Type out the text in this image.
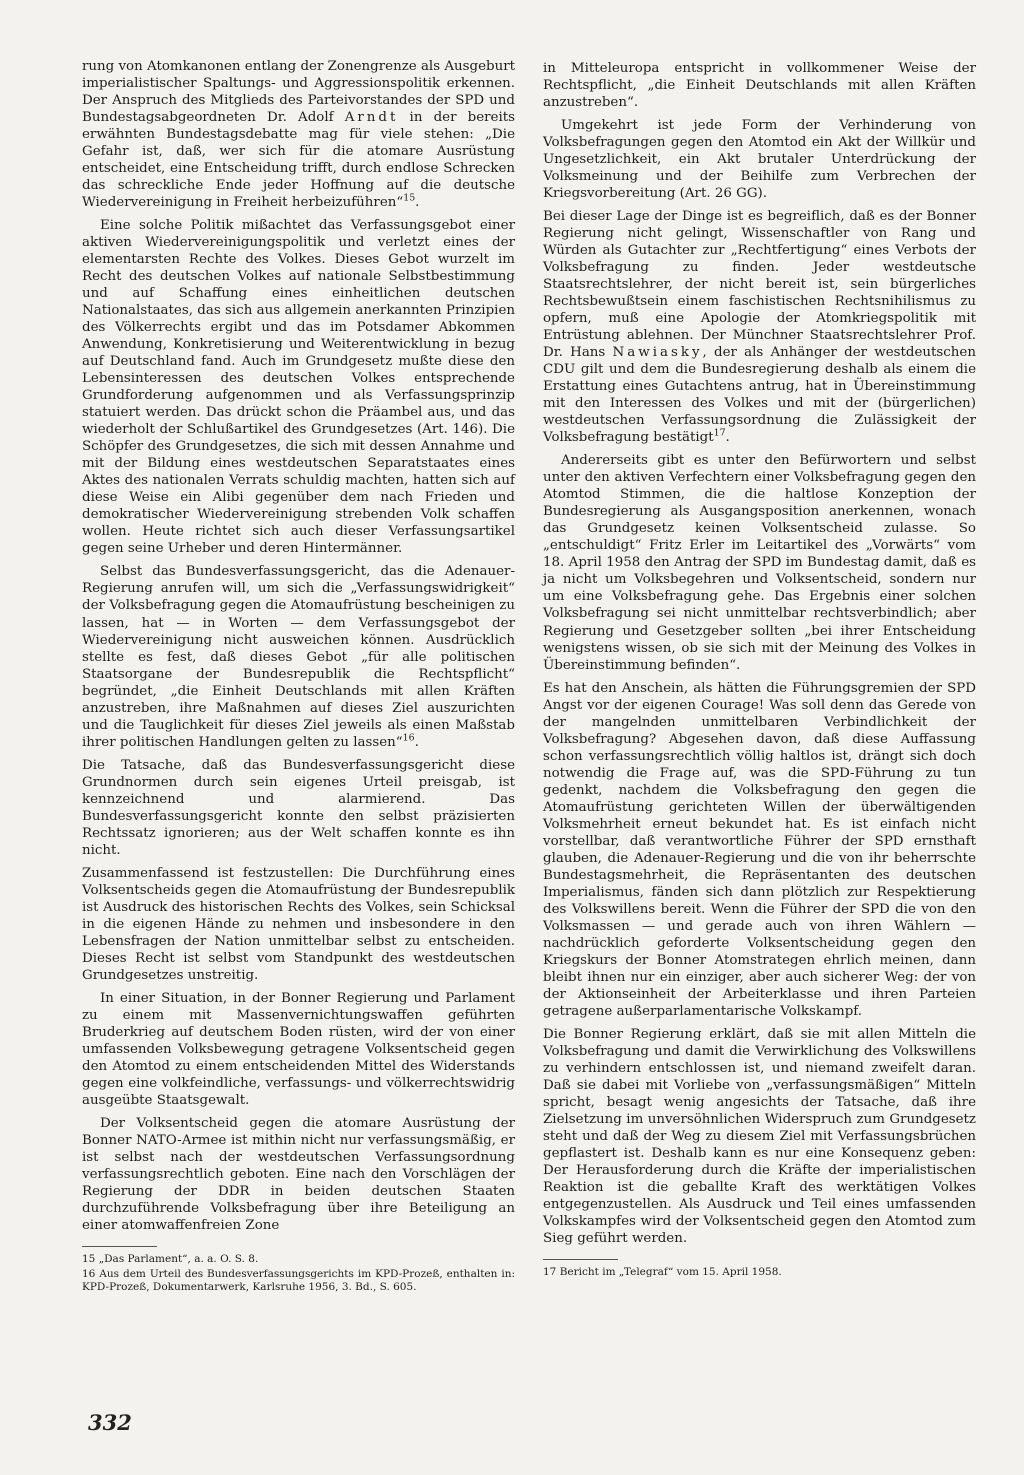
rung von Atomkanonen entlang der Zonengrenze als Ausgeburt imperialistischer Spaltungs- und Aggressionspolitik erkennen. Der Anspruch des Mitglieds des Parteivorstandes der SPD und Bundestagsabgeordneten Dr. Adolf Arndt in der bereits erwähnten Bundestagsdebatte mag für viele stehen: „Die Gefahr ist, daß, wer sich für die atomare Ausrüstung entscheidet, eine Entscheidung trifft, durch endlose Schrecken das schreckliche Ende jeder Hoffnung auf die deutsche Wiedervereinigung in Freiheit herbeizuführen“$^{15}$.

Eine solche Politik mißachtet das Verfassungsgebot einer aktiven Wiedervereinigungspolitik und verletzt eines der elementarsten Rechte des Volkes. Dieses Gebot wurzelt im Recht des deutschen Volkes auf nationale Selbstbestimmung und auf Schaffung eines einheitlichen deutschen Nationalstaates, das sich aus allgemein anerkannten Prinzipien des Völkerrechts ergibt und das im Potsdamer Abkommen Anwendung, Konkretisierung und Weiterentwicklung in bezug auf Deutschland fand. Auch im Grundgesetz mußte diese den Lebensinteressen des deutschen Volkes entsprechende Grundforderung aufgenommen und als Verfassungsprinzip statuiert werden. Das drückt schon die Präambel aus, und das wiederholt der Schlußartikel des Grundgesetzes (Art. 146). Die Schöpfer des Grundgesetzes, die sich mit dessen Annahme und mit der Bildung eines westdeutschen Separatstaates eines Aktes des nationalen Verrats schuldig machten, hatten sich auf diese Weise ein Alibi gegenüber dem nach Frieden und demokratischer Wiedervereinigung strebenden Volk schaffen wollen. Heute richtet sich auch dieser Verfassungsartikel gegen seine Urheber und deren Hintermänner.

Selbst das Bundesverfassungsgericht, das die Adenauer-Regierung anrufen will, um sich die „Verfassungswidrigkeit“ der Volksbefragung gegen die Atomaufrüstung bescheinigen zu lassen, hat — in Worten — dem Verfassungsgebot der Wiedervereinigung nicht ausweichen können. Ausdrücklich stellte es fest, daß dieses Gebot „für alle politischen Staatsorgane der Bundesrepublik die Rechtspflicht“ begründet, „die Einheit Deutschlands mit allen Kräften anzustreben, ihre Maßnahmen auf dieses Ziel auszurichten und die Tauglichkeit für dieses Ziel jeweils als einen Maßstab ihrer politischen Handlungen gelten zu lassen“$^{16}$.

Die Tatsache, daß das Bundesverfassungsgericht diese Grundnormen durch sein eigenes Urteil preisgab, ist kennzeichnend und alarmierend. Das Bundesverfassungsgericht konnte den selbst präzisierten Rechtssatz ignorieren; aus der Welt schaffen konnte es ihn nicht.

Zusammenfassend ist festzustellen: Die Durchführung eines Volksentscheids gegen die Atomaufrüstung der Bundesrepublik ist Ausdruck des historischen Rechts des Volkes, sein Schicksal in die eigenen Hände zu nehmen und insbesondere in den Lebensfragen der Nation unmittelbar selbst zu entscheiden. Dieses Recht ist selbst vom Standpunkt des westdeutschen Grundgesetzes unstreitig.

In einer Situation, in der Bonner Regierung und Parlament zu einem mit Massenvernichtungswaffen geführten Bruderkrieg auf deutschem Boden rüsten, wird der von einer umfassenden Volksbewegung getragene Volksentscheid gegen den Atomtod zu einem entscheidenden Mittel des Widerstands gegen eine volkfeindliche, verfassungs- und völkerrechtswidrig ausgeübte Staatsgewalt.

Der Volksentscheid gegen die atomare Ausrüstung der Bonner NATO-Armee ist mithin nicht nur verfassungsmäßig, er ist selbst nach der westdeutschen Verfassungsordnung verfassungsrechtlich geboten. Eine nach den Vorschlägen der Regierung der DDR in beiden deutschen Staaten durchzuführende Volksbefragung über ihre Beteiligung an einer atomwaffenfreien Zone

15 „Das Parlament“, a. a. O. S. 8.

16 Aus dem Urteil des Bundesverfassungsgerichts im KPD-Prozeß, enthalten in: KPD-Prozeß, Dokumentarwerk, Karlsruhe 1956, 3. Bd., S. 605.

in Mitteleuropa entspricht in vollkommener Weise der Rechtspflicht, „die Einheit Deutschlands mit allen Kräften anzustreben“.

Umgekehrt ist jede Form der Verhinderung von Volksbefragungen gegen den Atomtod ein Akt der Willkür und Ungesetzlichkeit, ein Akt brutaler Unterdrückung der Volksmeinung und der Beihilfe zum Verbrechen der Kriegsvorbereitung (Art. 26 GG).

Bei dieser Lage der Dinge ist es begreiflich, daß es der Bonner Regierung nicht gelingt, Wissenschaftler von Rang und Würden als Gutachter zur „Rechtfertigung“ eines Verbots der Volksbefragung zu finden. Jeder westdeutsche Staatsrechtslehrer, der nicht bereit ist, sein bürgerliches Rechtsbewußtsein einem faschistischen Rechtsnihilismus zu opfern, muß eine Apologie der Atomkriegspolitik mit Entrüstung ablehnen. Der Münchner Staatsrechtslehrer Prof. Dr. Hans Nawiasky, der als Anhänger der westdeutschen CDU gilt und dem die Bundesregierung deshalb als einem die Erstattung eines Gutachtens antrug, hat in Übereinstimmung mit den Interessen des Volkes und mit der (bürgerlichen) westdeutschen Verfassungsordnung die Zulässigkeit der Volksbefragung bestätigt$^{17}$.

Andererseits gibt es unter den Befürwortern und selbst unter den aktiven Verfechtern einer Volksbefragung gegen den Atomtod Stimmen, die die haltlose Konzeption der Bundesregierung als Ausgangsposition anerkennen, wonach das Grundgesetz keinen Volksentscheid zulasse. So „entschuldigt“ Fritz Erler im Leitartikel des „Vorwärts“ vom 18. April 1958 den Antrag der SPD im Bundestag damit, daß es ja nicht um Volksbegehren und Volksentscheid, sondern nur um eine Volksbefragung gehe. Das Ergebnis einer solchen Volksbefragung sei nicht unmittelbar rechtsverbindlich; aber Regierung und Gesetzgeber sollten „bei ihrer Entscheidung wenigstens wissen, ob sie sich mit der Meinung des Volkes in Übereinstimmung befinden“.

Es hat den Anschein, als hätten die Führungsgremien der SPD Angst vor der eigenen Courage! Was soll denn das Gerede von der mangelnden unmittelbaren Verbindlichkeit der Volksbefragung? Abgesehen davon, daß diese Auffassung schon verfassungsrechtlich völlig haltlos ist, drängt sich doch notwendig die Frage auf, was die SPD-Führung zu tun gedenkt, nachdem die Volksbefragung den gegen die Atomaufrüstung gerichteten Willen der überwältigenden Volksmehrheit erneut bekundet hat. Es ist einfach nicht vorstellbar, daß verantwortliche Führer der SPD ernsthaft glauben, die Adenauer-Regierung und die von ihr beherrschte Bundestagsmehrheit, die Repräsentanten des deutschen Imperialismus, fänden sich dann plötzlich zur Respektierung des Volkswillens bereit. Wenn die Führer der SPD die von den Volksmassen — und gerade auch von ihren Wählern — nachdrücklich geforderte Volksentscheidung gegen den Kriegskurs der Bonner Atomstrategen ehrlich meinen, dann bleibt ihnen nur ein einziger, aber auch sicherer Weg: der von der Aktionseinheit der Arbeiterklasse und ihren Parteien getragene außerparlamentarische Volkskampf.

Die Bonner Regierung erklärt, daß sie mit allen Mitteln die Volksbefragung und damit die Verwirklichung des Volkswillens zu verhindern entschlossen ist, und niemand zweifelt daran. Daß sie dabei mit Vorliebe von „verfassungsmäßigen“ Mitteln spricht, besagt wenig angesichts der Tatsache, daß ihre Zielsetzung im unversöhnlichen Widerspruch zum Grundgesetz steht und daß der Weg zu diesem Ziel mit Verfassungsbrüchen gepflastert ist. Deshalb kann es nur eine Konsequenz geben: Der Herausforderung durch die Kräfte der imperialistischen Reaktion ist die geballte Kraft des werktätigen Volkes entgegenzustellen. Als Ausdruck und Teil eines umfassenden Volkskampfes wird der Volksentscheid gegen den Atomtod zum Sieg geführt werden.

17 Bericht im „Telegraf“ vom 15. April 1958.

332
